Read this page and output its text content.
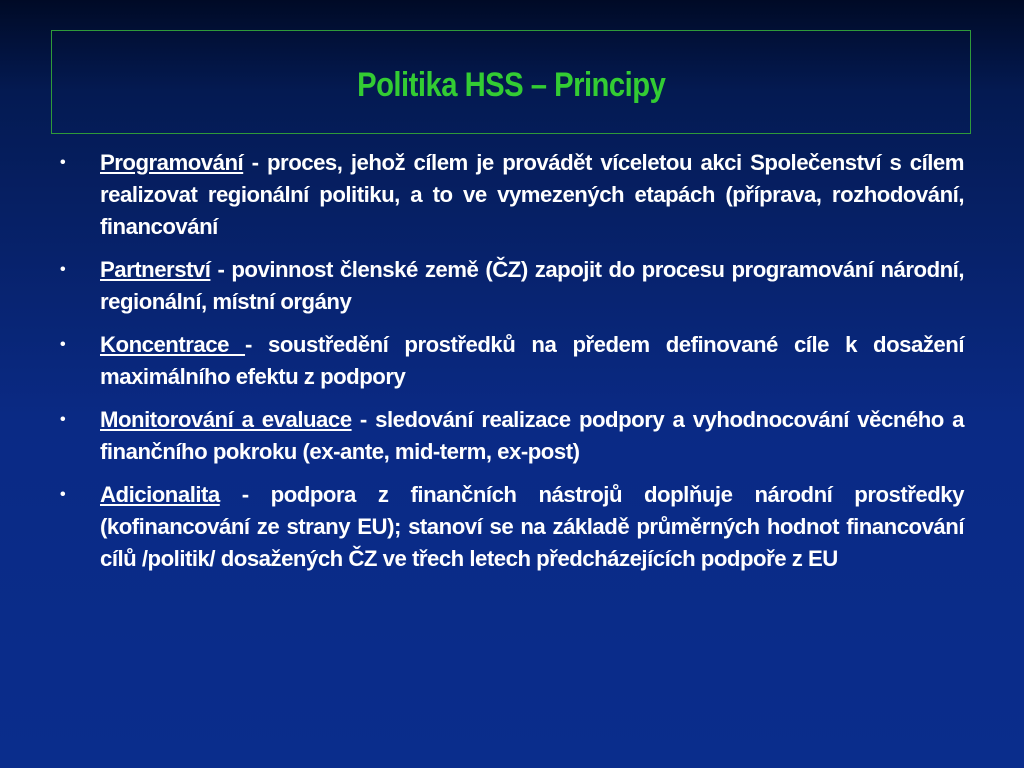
Politika HSS – Principy
• Programování - proces, jehož cílem je provádět víceletou akci Společenství s cílem realizovat regionální politiku, a to ve vymezených etapách (příprava, rozhodování, financování
• Partnerství - povinnost členské země (ČZ) zapojit do procesu programování národní, regionální, místní orgány
• Koncentrace - soustředění prostředků na předem definované cíle k dosažení maximálního efektu z podpory
• Monitorování a evaluace - sledování realizace podpory a vyhodnocování věcného a finančního pokroku (ex-ante, mid-term, ex-post)
• Adicionalita - podpora z finančních nástrojů doplňuje národní prostředky (kofinancování ze strany EU); stanoví se na základě průměrných hodnot financování cílů /politik/ dosažených ČZ ve třech letech předcházejících podpoře z EU
